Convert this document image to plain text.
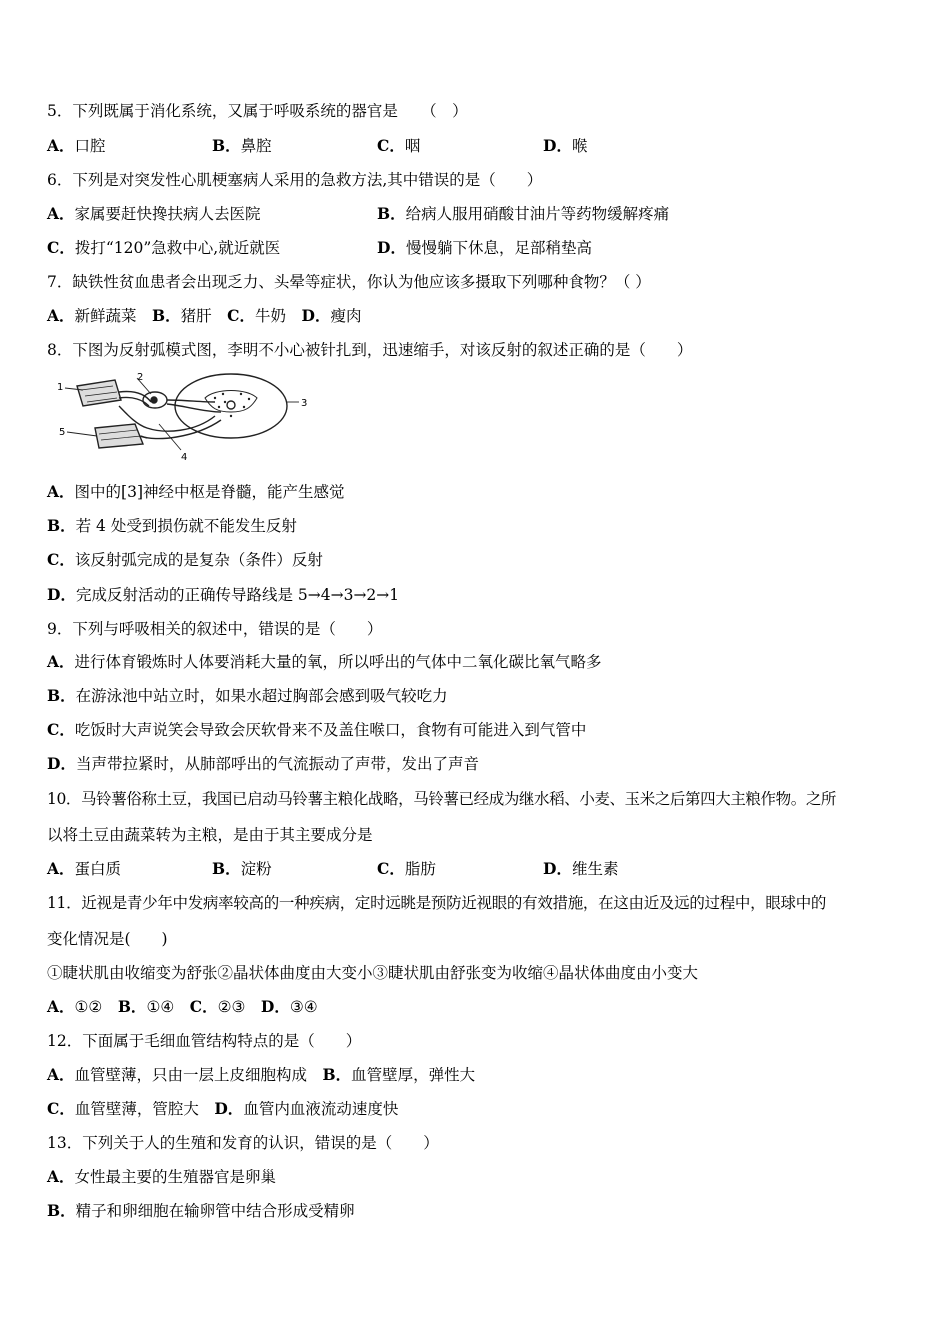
5．下列既属于消化系统，又属于呼吸系统的器官是　　（　）
A．口腔	B．鼻腔	C．咽	D．喉
6．下列是对突发性心肌梗塞病人采用的急救方法,其中错误的是（　　）
A．家属要赶快搀扶病人去医院	B．给病人服用硝酸甘油片等药物缓解疼痛
C．拨打“120”急救中心,就近就医	D．慢慢躺下休息，足部稍垫高
7．缺铁性贫血患者会出现乏力、头晕等症状，你认为他应该多摄取下列哪种食物？（ ）
A．新鲜蔬菜　B．猪肝　C．牛奶　D．瘦肉
8．下图为反射弧模式图，李明不小心被针扎到，迅速缩手，对该反射的叙述正确的是（　　）
1
2
3
4
5
A．图中的[3]神经中枢是脊髓，能产生感觉
B．若 4 处受到损伤就不能发生反射
C．该反射弧完成的是复杂（条件）反射
D．完成反射活动的正确传导路线是 5→4→3→2→1
9．下列与呼吸相关的叙述中，错误的是（　　）
A．进行体育锻炼时人体要消耗大量的氧，所以呼出的气体中二氧化碳比氧气略多
B．在游泳池中站立时，如果水超过胸部会感到吸气较吃力
C．吃饭时大声说笑会导致会厌软骨来不及盖住喉口，食物有可能进入到气管中
D．当声带拉紧时，从肺部呼出的气流振动了声带，发出了声音
10．马铃薯俗称土豆，我国已启动马铃薯主粮化战略，马铃薯已经成为继水稻、小麦、玉米之后第四大主粮作物。之所
以将土豆由蔬菜转为主粮，是由于其主要成分是
A．蛋白质	B．淀粉	C．脂肪	D．维生素
11．近视是青少年中发病率较高的一种疾病，定时远眺是预防近视眼的有效措施，在这由近及远的过程中，眼球中的
变化情况是(　　)
①睫状肌由收缩变为舒张②晶状体曲度由大变小③睫状肌由舒张变为收缩④晶状体曲度由小变大
A．①②　B．①④　C．②③　D．③④
12．下面属于毛细血管结构特点的是（　　）
A．血管壁薄，只由一层上皮细胞构成　B．血管壁厚，弹性大
C．血管壁薄，管腔大　D．血管内血液流动速度快
13．下列关于人的生殖和发育的认识，错误的是（　　）
A．女性最主要的生殖器官是卵巢
B．精子和卵细胞在输卵管中结合形成受精卵
